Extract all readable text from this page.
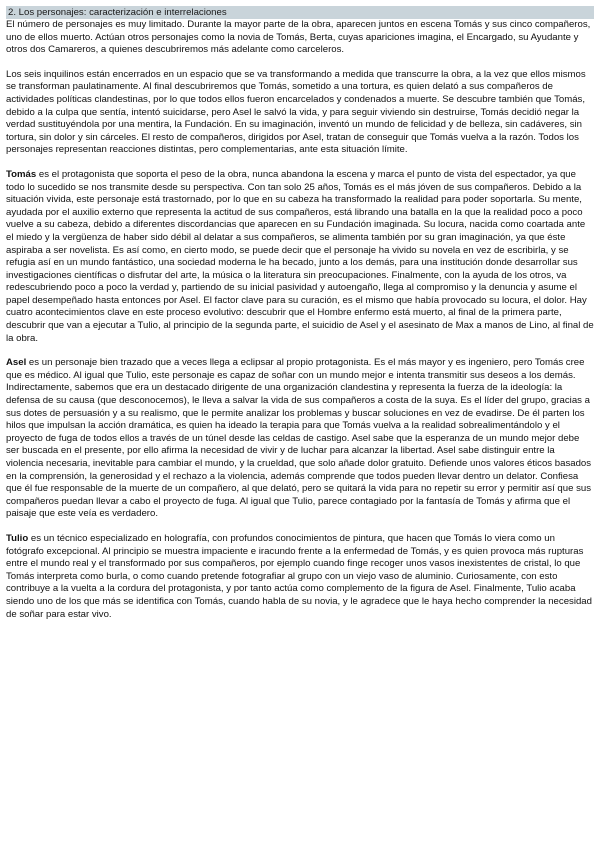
2. Los personajes: caracterización e interrelaciones

El número de personajes es muy limitado. Durante la mayor parte de la obra, aparecen juntos en escena Tomás y sus cinco compañeros, uno de ellos muerto. Actúan otros personajes como la novia de Tomás, Berta, cuyas apariciones imagina, el Encargado, su Ayudante y otros dos Camareros, a quienes descubriremos más adelante como carceleros.

Los seis inquilinos están encerrados en un espacio que se va transformando a medida que transcurre la obra, a la vez que ellos mismos se transforman paulatinamente. Al final descubriremos que Tomás, sometido a una tortura, es quien delató a sus compañeros de actividades políticas clandestinas, por lo que todos ellos fueron encarcelados y condenados a muerte. Se descubre también que Tomás, debido a la culpa que sentía, intentó suicidarse, pero Asel le salvó la vida, y para seguir viviendo sin destruirse, Tomás decidió negar la verdad sustituyéndola por una mentira, la Fundación. En su imaginación, inventó un mundo de felicidad y de belleza, sin cadáveres, sin tortura, sin dolor y sin cárceles. El resto de compañeros, dirigidos por Asel, tratan de conseguir que Tomás vuelva a la razón. Todos los personajes representan reacciones distintas, pero complementarias, ante esta situación límite.

Tomás es el protagonista que soporta el peso de la obra, nunca abandona la escena y marca el punto de vista del espectador, ya que todo lo sucedido se nos transmite desde su perspectiva. Con tan solo 25 años, Tomás es el más jóven de sus compañeros. Debido a la situación vivida, este personaje está trastornado, por lo que en su cabeza ha transformado la realidad para poder soportarla. Su mente, ayudada por el auxilio externo que representa la actitud de sus compañeros, está librando una batalla en la que la realidad poco a poco vuelve a su cabeza, debido a diferentes discordancias que aparecen en su Fundación imaginada. Su locura, nacida como coartada ante el miedo y la vergüenza de haber sido débil al delatar a sus compañeros, se alimenta también por su gran imaginación, ya que éste aspiraba a ser novelista. Es así como, en cierto modo, se puede decir que el personaje ha vivido su novela en vez de escribirla, y se refugia así en un mundo fantástico, una sociedad moderna le ha becado, junto a los demás, para una institución donde desarrollar sus investigaciones científicas o disfrutar del arte, la música o la literatura sin preocupaciones. Finalmente, con la ayuda de los otros, va redescubriendo poco a poco la verdad y, partiendo de su inicial pasividad y autoengaño, llega al compromiso y la denuncia y asume el papel desempeñado hasta entonces por Asel. El factor clave para su curación, es el mismo que había provocado su locura, el dolor. Hay cuatro acontecimientos clave en este proceso evolutivo: descubrir que el Hombre enfermo está muerto, al final de la primera parte, descubrir que van a ejecutar a Tulio, al principio de la segunda parte, el suicidio de Asel y el asesinato de Max a manos de Lino, al final de la obra.

Asel es un personaje bien trazado que a veces llega a eclipsar al propio protagonista. Es el más mayor y es ingeniero, pero Tomás cree que es médico. Al igual que Tulio, este personaje es capaz de soñar con un mundo mejor e intenta transmitir sus deseos a los demás. Indirectamente, sabemos que era un destacado dirigente de una organización clandestina y representa la fuerza de la ideología: la defensa de su causa (que desconocemos), le lleva a salvar la vida de sus compañeros a costa de la suya. Es el líder del grupo, gracias a sus dotes de persuasión y a su realismo, que le permite analizar los problemas y buscar soluciones en vez de evadirse. De él parten los hilos que impulsan la acción dramática, es quien ha ideado la terapia para que Tomás vuelva a la realidad sobrealimentándolo y el proyecto de fuga de todos ellos a través de un túnel desde las celdas de castigo. Asel sabe que la esperanza de un mundo mejor debe ser buscada en el presente, por ello afirma la necesidad de vivir y de luchar para alcanzar la libertad. Asel sabe distinguir entre la violencia necesaria, inevitable para cambiar el mundo, y la crueldad, que solo añade dolor gratuito. Defiende unos valores éticos basados en la comprensión, la generosidad y el rechazo a la violencia, además comprende que todos pueden llevar dentro un delator. Confiesa que él fue responsable de la muerte de un compañero, al que delató, pero se quitará la vida para no repetir su error y permitir así que sus compañeros puedan llevar a cabo el proyecto de fuga. Al igual que Tulio, parece contagiado por la fantasía de Tomás y afirma que el paisaje que este veía es verdadero.

Tulio es un técnico especializado en holografía, con profundos conocimientos de pintura, que hacen que Tomás lo viera como un fotógrafo excepcional. Al principio se muestra impaciente e iracundo frente a la enfermedad de Tomás, y es quien provoca más rupturas entre el mundo real y el transformado por sus compañeros, por ejemplo cuando finge recoger unos vasos inexistentes de cristal, lo que Tomás interpreta como burla, o como cuando pretende fotografiar al grupo con un viejo vaso de aluminio. Curiosamente, con esto contribuye a la vuelta a la cordura del protagonista, y por tanto actúa como complemento de la figura de Asel. Finalmente, Tulio acaba siendo uno de los que más se identifica con Tomás, cuando habla de su novia, y le agradece que le haya hecho comprender la necesidad de soñar para estar vivo.
